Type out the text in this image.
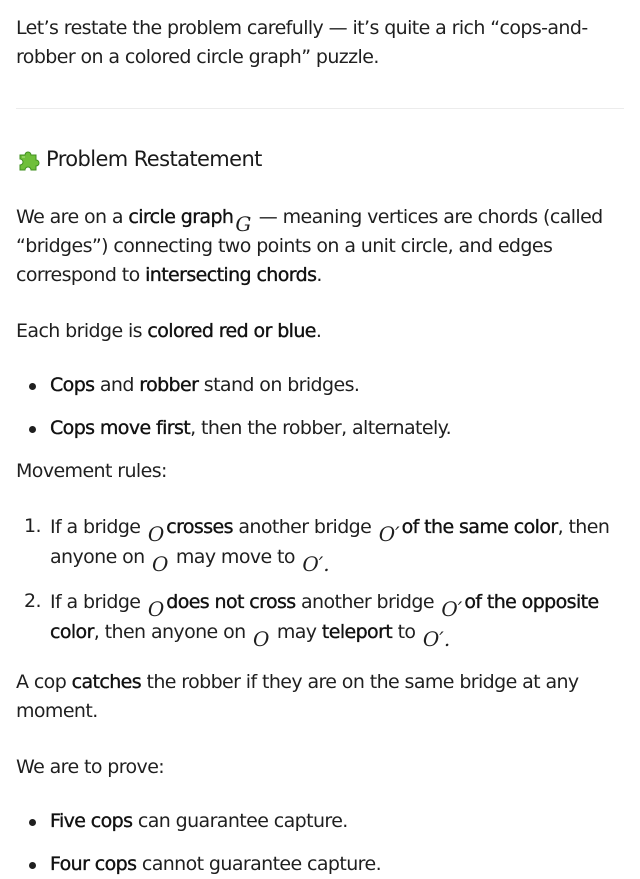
Let’s restate the problem carefully — it’s quite a rich “cops-and-robber on a colored circle graph” puzzle.

Problem Restatement

We are on a circle graph G — meaning vertices are chords (called “bridges”) connecting two points on a unit circle, and edges correspond to intersecting chords.

Each bridge is colored red or blue.

Cops and robber stand on bridges.
Cops move first, then the robber, alternately.

Movement rules:

1. If a bridge O crosses another bridge O′ of the same color, then anyone on O may move to O′.
2. If a bridge O does not cross another bridge O′ of the opposite color, then anyone on O may teleport to O′.

A cop catches the robber if they are on the same bridge at any moment.

We are to prove:

Five cops can guarantee capture.
Four cops cannot guarantee capture.
